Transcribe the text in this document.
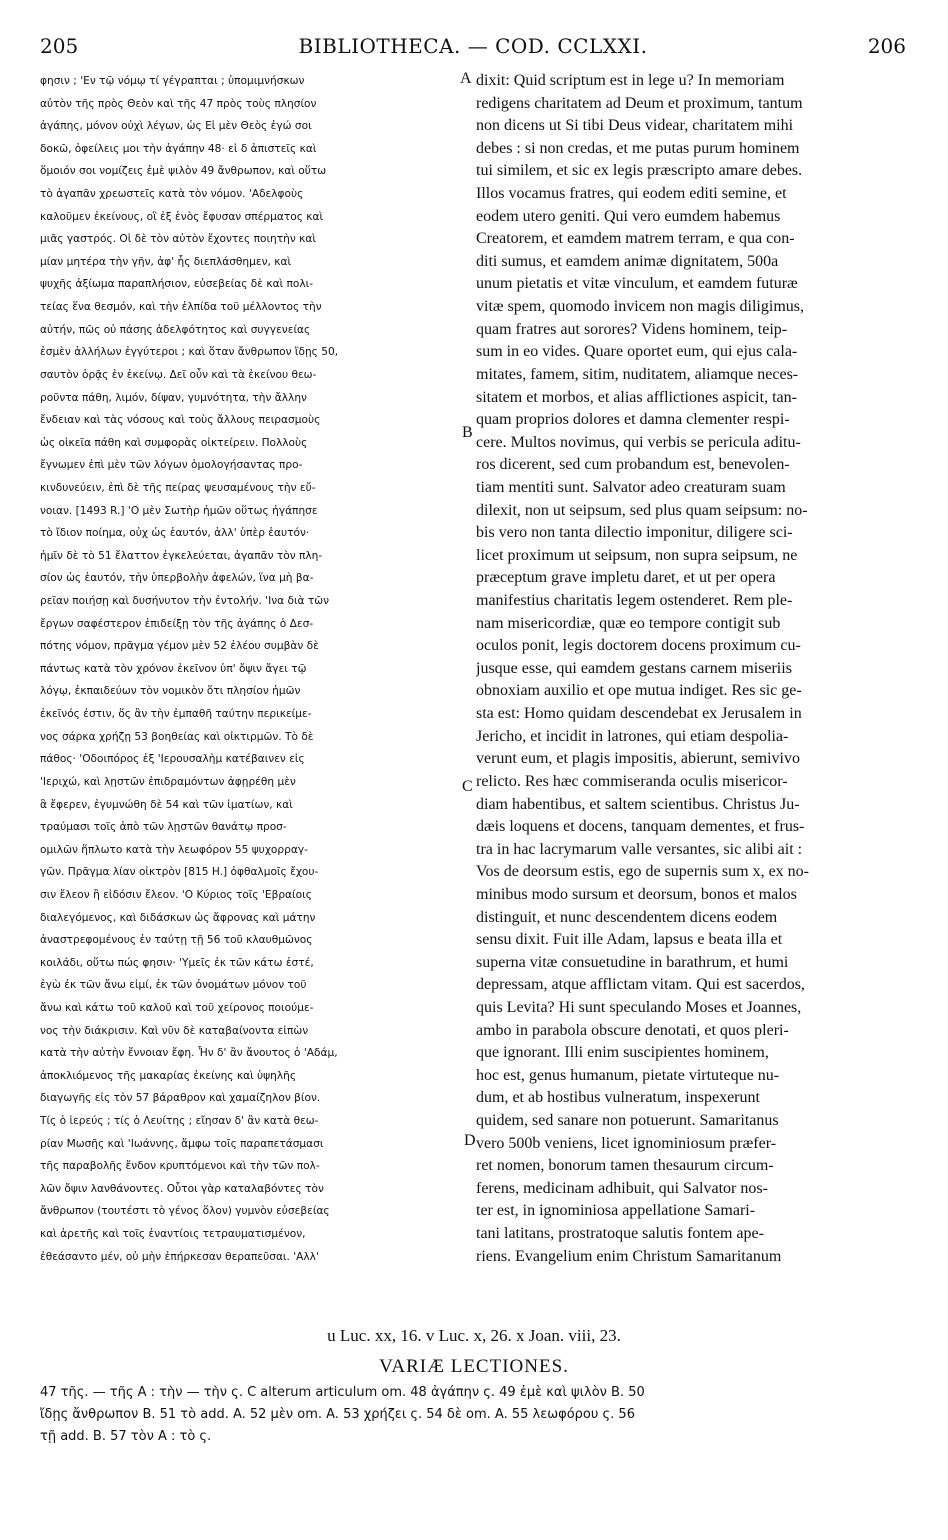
205	BIBLIOTHECA. — COD. CCLXXI.	206
φησιν ; 'Εν τῷ νόμῳ τί γέγραπται ; ὑπομιμνήσκων
αὐτὸν τῆς πρὸς Θεὸν καὶ τῆς 47 πρὸς τοὺς πλησίον
ἀγάπης, μόνον οὐχὶ λέγων, ὡς Εἰ μὲν Θεὸς ἐγώ σοι
δοκῶ, ὀφείλεις μοι τὴν ἀγάπην 48· εἰ δ ἀπιστεῖς καὶ
ὅμοιόν σοι νομίζεις ἐμὲ ψιλὸν 49 ἄνθρωπον, καὶ οὕτω
τὸ ἀγαπᾶν χρεωστεῖς κατὰ τὸν νόμον. 'Αδελφοὺς
καλοῦμεν ἐκείνους, οἳ ἐξ ἑνὸς ἔφυσαν σπέρματος καὶ
μιᾶς γαστρός. Οἱ δὲ τὸν αὐτὸν ἔχοντες ποιητὴν καὶ
μίαν μητέρα τὴν γῆν, ἀφ' ἧς διεπλάσθημεν, καὶ
ψυχῆς ἀξίωμα παραπλήσιον, εὐσεβείας δὲ καὶ πολι-
τείας ἕνα θεσμόν, καὶ τὴν ἐλπίδα τοῦ μέλλοντος τὴν
αὐτήν, πῶς οὐ πάσης ἀδελφότητος καὶ συγγενείας
ἐσμὲν ἀλλήλων ἐγγύτεροι ; καὶ ὅταν ἄνθρωπον ἴδῃς 50,
σαυτὸν ὁρᾷς ἐν ἐκείνῳ. Δεῖ οὖν καὶ τὰ ἐκείνου θεω-
ροῦντα πάθη, λιμόν, δίψαν, γυμνότητα, τὴν ἄλλην
ἔνδειαν καὶ τὰς νόσους καὶ τοὺς ἄλλους πειρασμοὺς
ὡς οἰκεῖα πάθη καὶ συμφορὰς οἰκτείρειν. Πολλοὺς
ἔγνωμεν ἐπὶ μὲν τῶν λόγων ὁμολογήσαντας προ-
κινδυνεύειν, ἐπὶ δὲ τῆς πείρας ψευσαμένους τὴν εὔ-
νοιαν. [1493 R.] 'Ο μὲν Σωτὴρ ἡμῶν οὕτως ἠγάπησε
τὸ ἴδιον ποίημα, οὐχ ὡς ἑαυτόν, ἀλλ' ὑπὲρ ἑαυτόν·
ἡμῖν δὲ τὸ 51 ἔλαττον ἐγκελεύεται, ἀγαπᾶν τὸν πλη-
σίον ὡς ἑαυτόν, τὴν ὑπερβολὴν ἀφελών, ἵνα μὴ βα-
ρεῖαν ποιήσῃ καὶ δυσήνυτον τὴν ἐντολήν. 'Ινα διὰ τῶν
ἔργων σαφέστερον ἐπιδείξῃ τὸν τῆς ἀγάπης ὁ Δεσ-
πότης νόμον, πρᾶγμα γέμον μὲν 52 ἐλέου συμβὰν δὲ
πάντως κατὰ τὸν χρόνον ἐκεῖνον ὑπ' ὄψιν ἄγει τῷ
λόγῳ, ἐκπαιδεύων τὸν νομικὸν ὅτι πλησίον ἡμῶν
ἐκεῖνός ἐστιν, ὅς ἂν τὴν ἐμπαθῆ ταύτην περικείμε-
νος σάρκα χρήζῃ 53 βοηθείας καὶ οἰκτιρμῶν. Τὸ δὲ
πάθος· 'Οδοιπόρος ἐξ 'Ιερουσαλὴμ κατέβαινεν εἰς
'Ιεριχώ, καὶ λῃστῶν ἐπιδραμόντων ἀφῃρέθη μὲν
ἃ ἔφερεν, ἐγυμνώθη δὲ 54 καὶ τῶν ἱματίων, καὶ
τραύμασι τοῖς ἀπὸ τῶν λῃστῶν θανάτῳ προσ-
ομιλῶν ἥπλωτο κατὰ τὴν λεωφόρον 55 ψυχορραγ-
γῶν. Πρᾶγμα λίαν οἰκτρὸν [815 H.] ὀφθαλμοῖς ἔχου-
σιν ἔλεον ἢ εἰδόσιν ἔλεον. 'Ο Κύριος τοῖς 'Εβραίοις
διαλεγόμενος, καὶ διδάσκων ὡς ἄφρονας καὶ μάτην
ἀναστρεφομένους ἐν ταύτῃ τῇ 56 τοῦ κλαυθμῶνος
κοιλάδι, οὕτω πώς φησιν· 'Υμεῖς ἐκ τῶν κάτω ἐστέ,
ἐγὼ ἐκ τῶν ἄνω εἰμί, ἐκ τῶν ὀνομάτων μόνον τοῦ
ἄνω καὶ κάτω τοῦ καλοῦ καὶ τοῦ χείρονος ποιούμε-
νος τὴν διάκρισιν. Καὶ νῦν δὲ καταβαίνοντα εἰπὼν
κατὰ τὴν αὐτὴν ἔννοιαν ἔφη. Ἦν δ' ἂν ἄνουτος ὁ 'Αδάμ,
ἀποκλιόμενος τῆς μακαρίας ἐκείνης καὶ ὑψηλῆς
διαγωγῆς εἰς τὸν 57 βάραθρον καὶ χαμαίζηλον βίον.
Τίς ὁ ἱερεύς ; τίς ὁ Λευίτης ; εἴησαν δ' ἂν κατὰ θεω-
ρίαν Μωσῆς καὶ 'Ιωάννης, ἄμφω τοῖς παραπετάσμασι
τῆς παραβολῆς ἔνδον κρυπτόμενοι καὶ τὴν τῶν πολ-
λῶν ὄψιν λανθάνοντες. Οὗτοι γὰρ καταλαβόντες τὸν
ἄνθρωπον (τουτέστι τὸ γένος ὅλον) γυμνὸν εὐσεβείας
καὶ ἀρετῆς καὶ τοῖς ἐναντίοις τετραυματισμένον,
ἐθεάσαντο μέν, οὐ μὴν ἐπήρκεσαν θεραπεῦσαι. 'Αλλ'
dixit: Quid scriptum est in lege u? In memoriam
redigens charitatem ad Deum et proximum, tantum
non dicens ut Si tibi Deus videar, charitatem mihi
debes : si non credas, et me putas purum hominem
tui similem, et sic ex legis præscripto amare debes.
Illos vocamus fratres, qui eodem editi semine, et
eodem utero geniti. Qui vero eumdem habemus
Creatorem, et eamdem matrem terram, e qua con-
diti sumus, et eamdem animæ dignitatem, 500a
unum pietatis et vitæ vinculum, et eamdem futuræ
vitæ spem, quomodo invicem non magis diligimus,
quam fratres aut sorores? Videns hominem, teip-
sum in eo vides. Quare oportet eum, qui ejus cala-
mitates, famem, sitim, nuditatem, aliamque neces-
sitatem et morbos, et alias afflictiones aspicit, tan-
quam proprios dolores et damna clementer respi-
cere. Multos novimus, qui verbis se pericula aditu-
ros dicerent, sed cum probandum est, benevolen-
tiam mentiti sunt. Salvator adeo creaturam suam
dilexit, non ut seipsum, sed plus quam seipsum: no-
bis vero non tanta dilectio imponitur, diligere sci-
licet proximum ut seipsum, non supra seipsum, ne
præceptum grave impletu daret, et ut per opera
manifestius charitatis legem ostenderet. Rem ple-
nam misericordiæ, quæ eo tempore contigit sub
oculos ponit, legis doctorem docens proximum cu-
jusque esse, qui eamdem gestans carnem miseriis
obnoxiam auxilio et ope mutua indiget. Res sic ge-
sta est: Homo quidam descendebat ex Jerusalem in
Jericho, et incidit in latrones, qui etiam despolia-
verunt eum, et plagis impositis, abierunt, semivivo
relicto. Res hæc commiseranda oculis misericor-
diam habentibus, et saltem scientibus. Christus Ju-
dæis loquens et docens, tanquam dementes, et frus-
tra in hac lacrymarum valle versantes, sic alibi ait :
Vos de deorsum estis, ego de supernis sum x, ex no-
minibus modo sursum et deorsum, bonos et malos
distinguit, et nunc descendentem dicens eodem
sensu dixit. Fuit ille Adam, lapsus e beata illa et
superna vitæ consuetudine in barathrum, et humi
depressam, atque afflictam vitam. Qui est sacerdos,
quis Levita? Hi sunt speculando Moses et Joannes,
ambo in parabola obscure denotati, et quos pleri-
que ignorant. Illi enim suscipientes hominem,
hoc est, genus humanum, pietate virtuteque nu-
dum, et ab hostibus vulneratum, inspexerunt
quidem, sed sanare non potuerunt. Samaritanus
vero 500b veniens, licet ignominiosum præfer-
ret nomen, bonorum tamen thesaurum circum-
ferens, medicinam adhibuit, qui Salvator nos-
ter est, in ignominiosa appellatione Samari-
tani latitans, prostratoque salutis fontem ape-
riens. Evangelium enim Christum Samaritanum
A
B
C
D
u Luc. xx, 16. v Luc. x, 26. x Joan. viii, 23.
VARIÆ LECTIONES.
47 τῆς. — τῆς A : τὴν — τὴν ς. C alterum articulum om. 48 ἀγάπην ς. 49 ἐμὲ καὶ ψιλὸν B. 50
ἴδῃς ἄνθρωπον B. 51 τὸ add. A. 52 μὲν om. A. 53 χρήζει ς. 54 δὲ om. A. 55 λεωφόρου ς. 56
τῇ add. B. 57 τὸν A : τὸ ς.
